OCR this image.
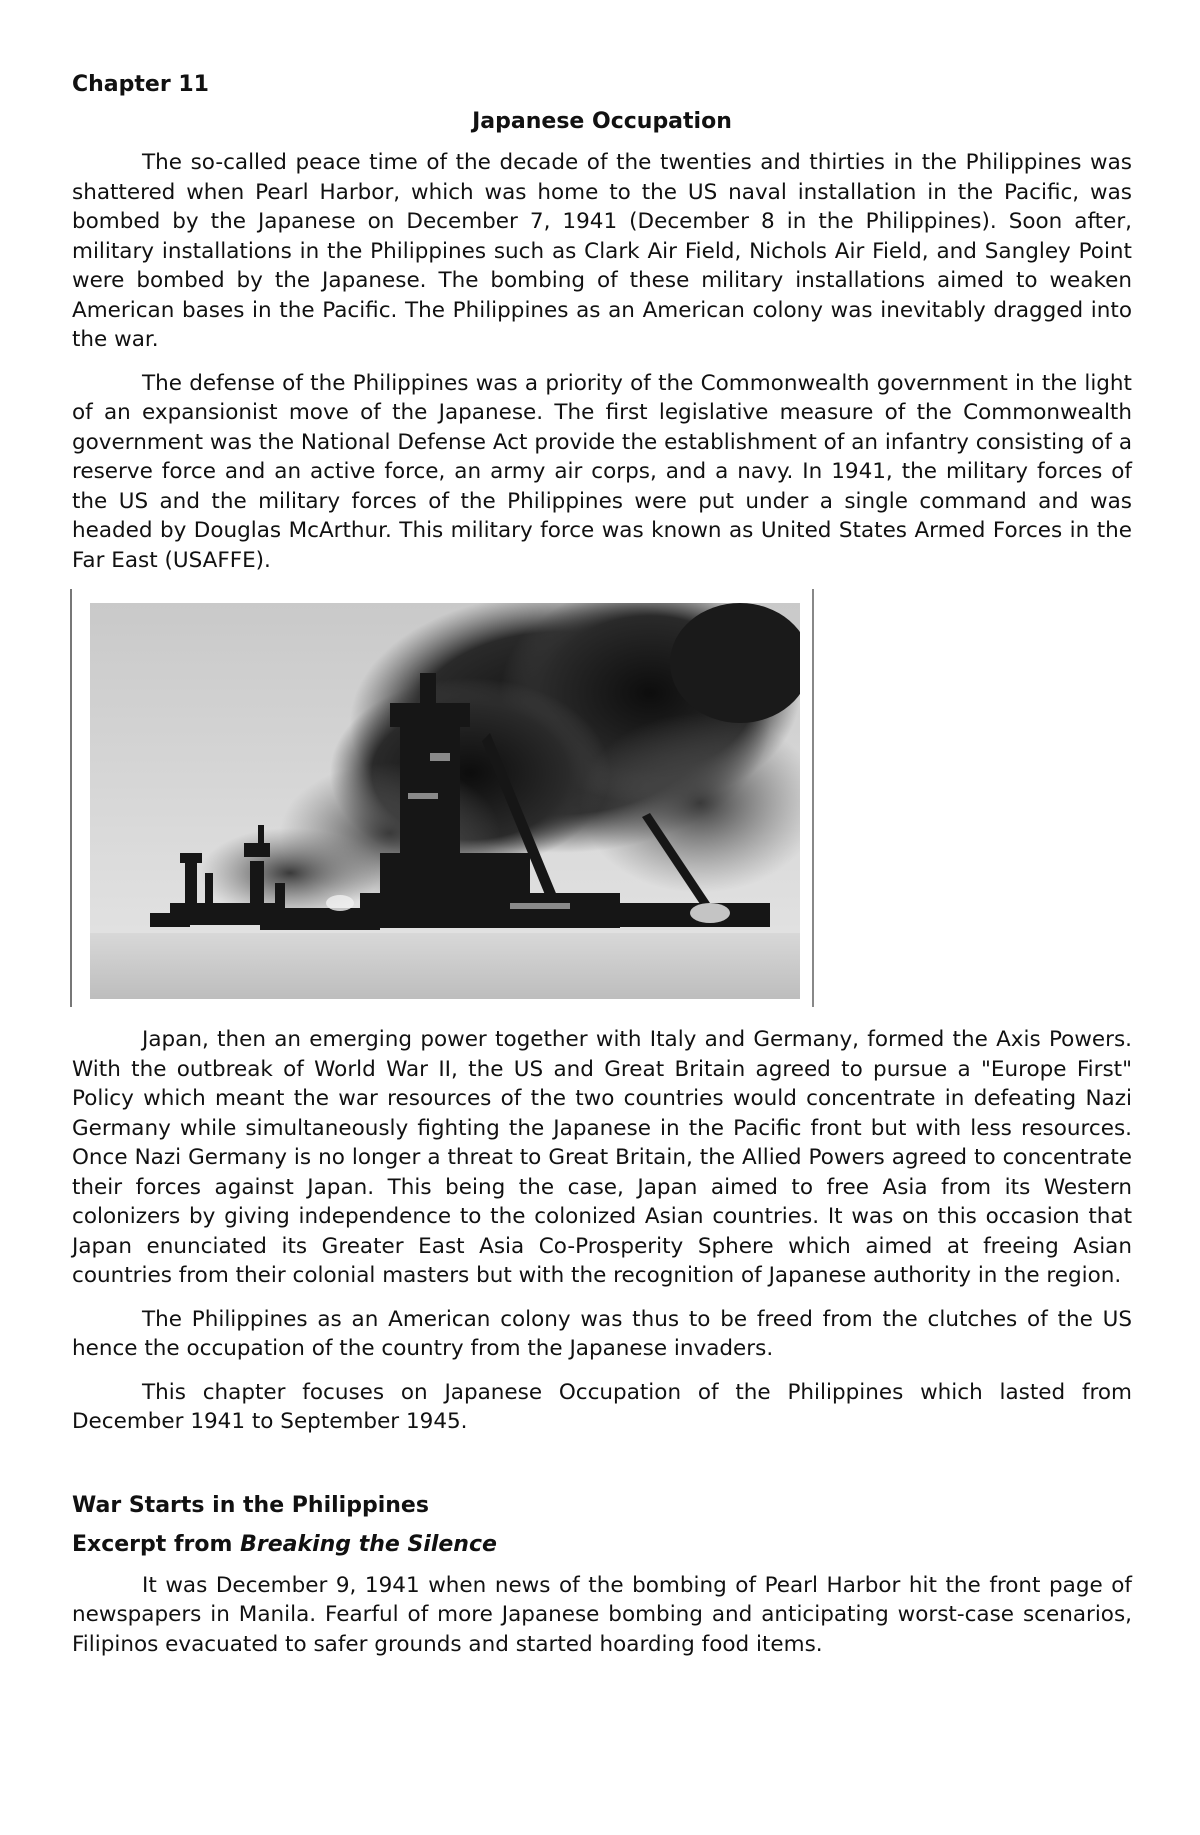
Chapter 11
Japanese Occupation

The so-called peace time of the decade of the twenties and thirties in the Philippines was shattered when Pearl Harbor, which was home to the US naval installation in the Pacific, was bombed by the Japanese on December 7, 1941 (December 8 in the Philippines). Soon after, military installations in the Philippines such as Clark Air Field, Nichols Air Field, and Sangley Point were bombed by the Japanese. The bombing of these military installations aimed to weaken American bases in the Pacific. The Philippines as an American colony was inevitably dragged into the war.

The defense of the Philippines was a priority of the Commonwealth government in the light of an expansionist move of the Japanese. The first legislative measure of the Commonwealth government was the National Defense Act provide the establishment of an infantry consisting of a reserve force and an active force, an army air corps, and a navy. In 1941, the military forces of the US and the military forces of the Philippines were put under a single command and was headed by Douglas McArthur. This military force was known as United States Armed Forces in the Far East (USAFFE).

Japan, then an emerging power together with Italy and Germany, formed the Axis Powers. With the outbreak of World War II, the US and Great Britain agreed to pursue a "Europe First" Policy which meant the war resources of the two countries would concentrate in defeating Nazi Germany while simultaneously fighting the Japanese in the Pacific front but with less resources. Once Nazi Germany is no longer a threat to Great Britain, the Allied Powers agreed to concentrate their forces against Japan. This being the case, Japan aimed to free Asia from its Western colonizers by giving independence to the colonized Asian countries. It was on this occasion that Japan enunciated its Greater East Asia Co-Prosperity Sphere which aimed at freeing Asian countries from their colonial masters but with the recognition of Japanese authority in the region.

The Philippines as an American colony was thus to be freed from the clutches of the US hence the occupation of the country from the Japanese invaders.

This chapter focuses on Japanese Occupation of the Philippines which lasted from December 1941 to September 1945.

War Starts in the Philippines
Excerpt from Breaking the Silence

It was December 9, 1941 when news of the bombing of Pearl Harbor hit the front page of newspapers in Manila. Fearful of more Japanese bombing and anticipating worst-case scenarios, Filipinos evacuated to safer grounds and started hoarding food items.
